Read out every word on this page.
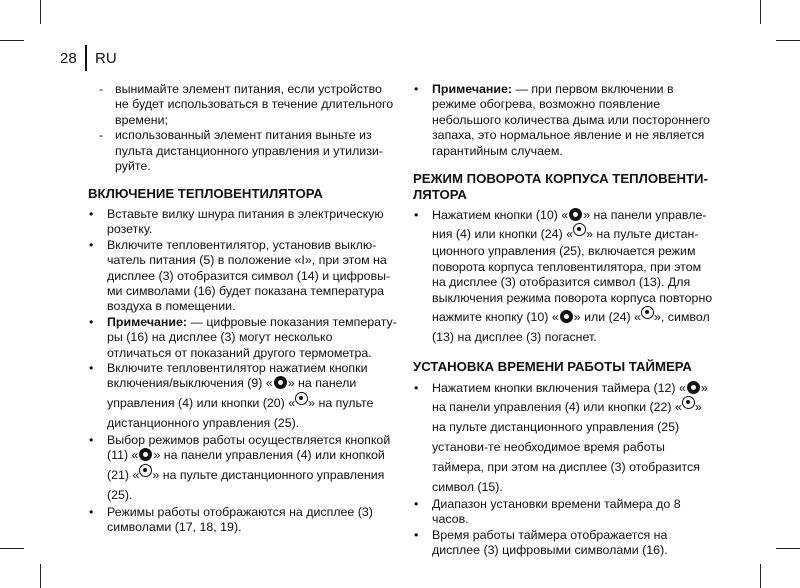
28 RU
- вынимайте элемент питания, если устройство не будет использоваться в течение длительного времени;
- использованный элемент питания выньте из пульта дистанционного управления и утилизи-руйте.
ВКЛЮЧЕНИЕ ТЕПЛОВЕНТИЛЯТОРА
• Вставьте вилку шнура питания в электрическую розетку.
• Включите тепловентилятор, установив выклю-чатель питания (5) в положение «I», при этом на дисплее (3) отобразится символ (14) и цифровы-ми символами (16) будет показана температура воздуха в помещении.
• Примечание: — цифровые показания температу-ры (16) на дисплее (3) могут несколько отличаться от показаний другого термометра.
• Включите тепловентилятор нажатием кнопки включения/выключения (9) « » на панели
управления (4) или кнопки (20) « » на пульте дистанционного управления (25).
• Выбор режимов работы осуществляется кнопкой (11) « » на панели управления (4) или кнопкой
(21) « » на пульте дистанционного управления (25).
• Режимы работы отображаются на дисплее (3) символами (17, 18, 19).
• Примечание: — при первом включении в режиме обогрева, возможно появление небольшого количества дыма или постороннего запаха, это нормальное явление и не является гарантийным случаем.
РЕЖИМ ПОВОРОТА КОРПУСА ТЕПЛОВЕНТИ-ЛЯТОРА
• Нажатием кнопки (10) « » на панели управле-
ния (4) или кнопки (24) « » на пульте дистан-
ционного управления (25), включается режим поворота корпуса тепловентилятора, при этом на дисплее (3) отобразится символ (13). Для выключения режима поворота корпуса повторно
нажмите кнопку (10) « » или (24) « », символ (13) на дисплее (3) погаснет.
УСТАНОВКА ВРЕМЕНИ РАБОТЫ ТАЙМЕРА
• Нажатием кнопки включения таймера (12) « »
на панели управления (4) или кнопки (22) « » на пульте дистанционного управления (25) установи-те необходимое время работы таймера, при этом на дисплее (3) отобразится символ (15).
• Диапазон установки времени таймера до 8 часов.
• Время работы таймера отображается на дисплее (3) цифровыми символами (16).
